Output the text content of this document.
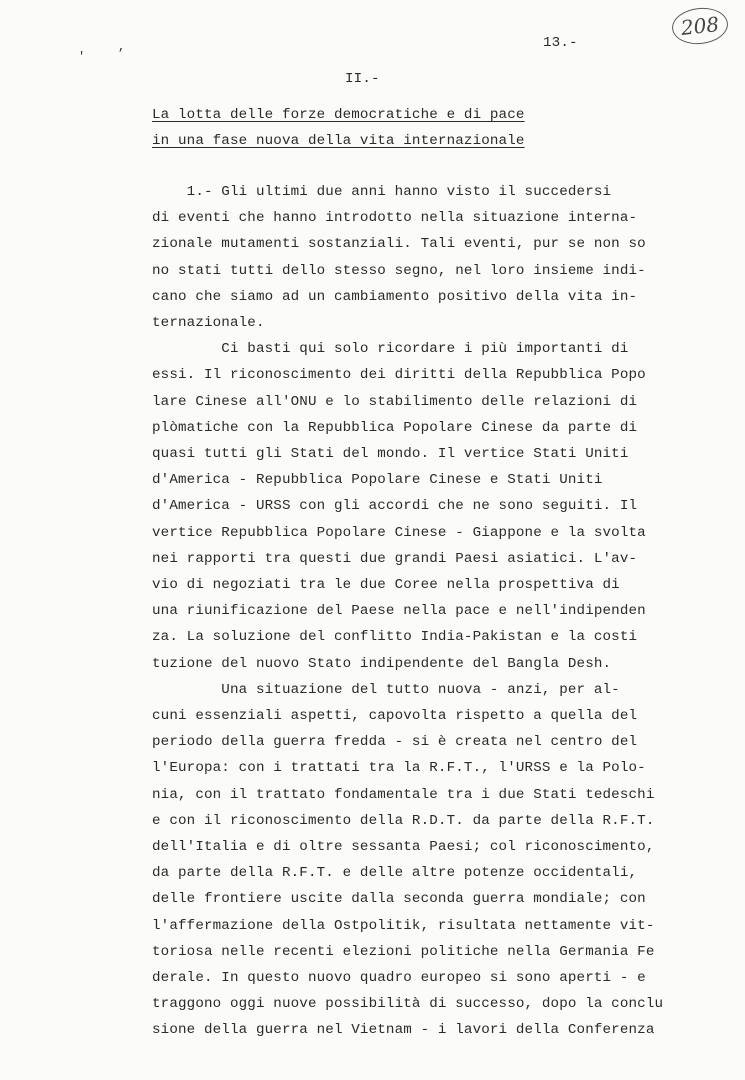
'
,
208
13.-
II.-
La lotta delle forze democratiche e di pace
in una fase nuova della vita internazionale
1.- Gli ultimi due anni hanno visto il succedersi
di eventi che hanno introdotto nella situazione interna-
zionale mutamenti sostanziali. Tali eventi, pur se non so
no stati tutti dello stesso segno, nel loro insieme indi-
cano che siamo ad un cambiamento positivo della vita in-
ternazionale.
Ci basti qui solo ricordare i più importanti di
essi. Il riconoscimento dei diritti della Repubblica Popo
lare Cinese all'ONU e lo stabilimento delle relazioni di
plòmatiche con la Repubblica Popolare Cinese da parte di
quasi tutti gli Stati del mondo. Il vertice Stati Uniti
d'America - Repubblica Popolare Cinese e Stati Uniti
d'America - URSS con gli accordi che ne sono seguiti. Il
vertice Repubblica Popolare Cinese - Giappone e la svolta
nei rapporti tra questi due grandi Paesi asiatici. L'av-
vio di negoziati tra le due Coree nella prospettiva di
una riunificazione del Paese nella pace e nell'indipenden
za. La soluzione del conflitto India-Pakistan e la costi
tuzione del nuovo Stato indipendente del Bangla Desh.
Una situazione del tutto nuova - anzi, per al-
cuni essenziali aspetti, capovolta rispetto a quella del
periodo della guerra fredda - si è creata nel centro del
l'Europa: con i trattati tra la R.F.T., l'URSS e la Polo-
nia, con il trattato fondamentale tra i due Stati tedeschi
e con il riconoscimento della R.D.T. da parte della R.F.T.
dell'Italia e di oltre sessanta Paesi; col riconoscimento,
da parte della R.F.T. e delle altre potenze occidentali,
delle frontiere uscite dalla seconda guerra mondiale; con
l'affermazione della Ostpolitik, risultata nettamente vit-
toriosa nelle recenti elezioni politiche nella Germania Fe
derale. In questo nuovo quadro europeo si sono aperti - e
traggono oggi nuove possibilità di successo, dopo la conclu
sione della guerra nel Vietnam - i lavori della Conferenza
